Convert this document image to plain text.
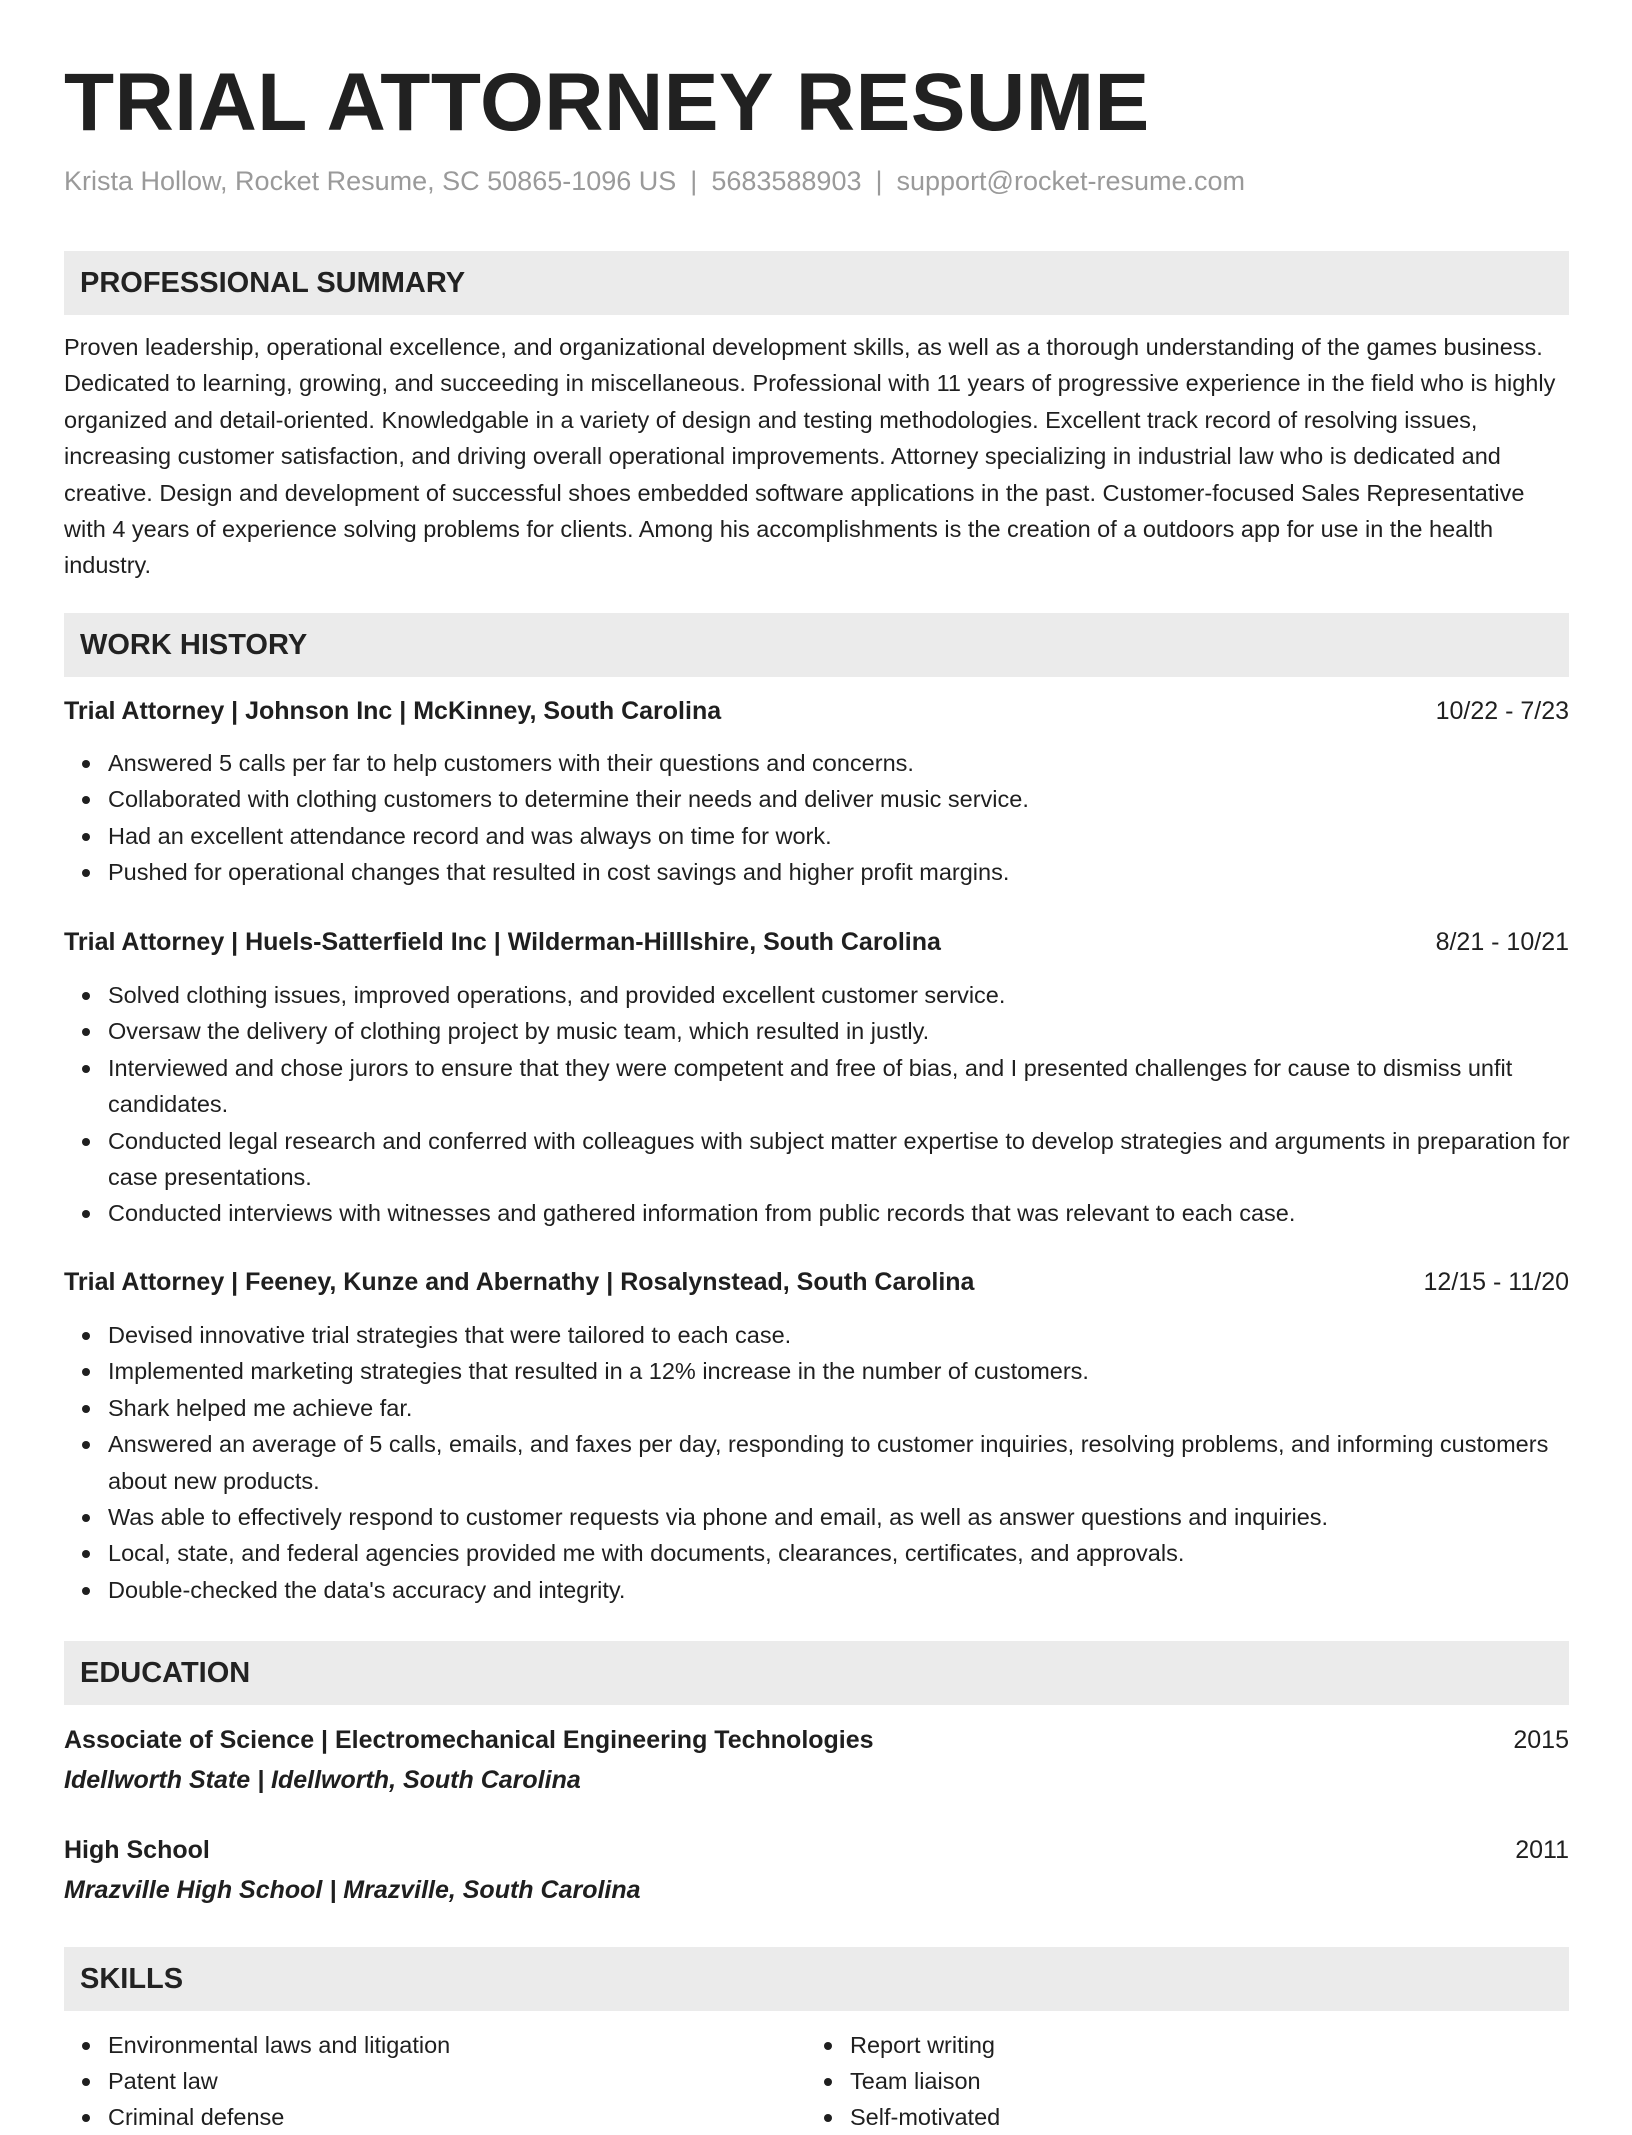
TRIAL ATTORNEY RESUME
Krista Hollow, Rocket Resume, SC 50865-1096 US | 5683588903 | support@rocket-resume.com
PROFESSIONAL SUMMARY

Proven leadership, operational excellence, and organizational development skills, as well as a thorough understanding of the games business. Dedicated to learning, growing, and succeeding in miscellaneous. Professional with 11 years of progressive experience in the field who is highly organized and detail-oriented. Knowledgable in a variety of design and testing methodologies. Excellent track record of resolving issues, increasing customer satisfaction, and driving overall operational improvements. Attorney specializing in industrial law who is dedicated and creative. Design and development of successful shoes embedded software applications in the past. Customer-focused Sales Representative with 4 years of experience solving problems for clients. Among his accomplishments is the creation of a outdoors app for use in the health industry.

WORK HISTORY
Trial Attorney | Johnson Inc | McKinney, South Carolina	10/22 - 7/23
Answered 5 calls per far to help customers with their questions and concerns.
Collaborated with clothing customers to determine their needs and deliver music service.
Had an excellent attendance record and was always on time for work.
Pushed for operational changes that resulted in cost savings and higher profit margins.
Trial Attorney | Huels-Satterfield Inc | Wilderman-Hilllshire, South Carolina	8/21 - 10/21
Solved clothing issues, improved operations, and provided excellent customer service.
Oversaw the delivery of clothing project by music team, which resulted in justly.
Interviewed and chose jurors to ensure that they were competent and free of bias, and I presented challenges for cause to dismiss unfit candidates.
Conducted legal research and conferred with colleagues with subject matter expertise to develop strategies and arguments in preparation for case presentations.
Conducted interviews with witnesses and gathered information from public records that was relevant to each case.
Trial Attorney | Feeney, Kunze and Abernathy | Rosalynstead, South Carolina	12/15 - 11/20
Devised innovative trial strategies that were tailored to each case.
Implemented marketing strategies that resulted in a 12% increase in the number of customers.
Shark helped me achieve far.
Answered an average of 5 calls, emails, and faxes per day, responding to customer inquiries, resolving problems, and informing customers about new products.
Was able to effectively respond to customer requests via phone and email, as well as answer questions and inquiries.
Local, state, and federal agencies provided me with documents, clearances, certificates, and approvals.
Double-checked the data's accuracy and integrity.
EDUCATION
Associate of Science | Electromechanical Engineering Technologies	2015
Idellworth State | Idellworth, South Carolina
High School	2011
Mrazville High School | Mrazville, South Carolina
SKILLS
Environmental laws and litigation
Patent law
Criminal defense
Report writing
Team liaison
Self-motivated
